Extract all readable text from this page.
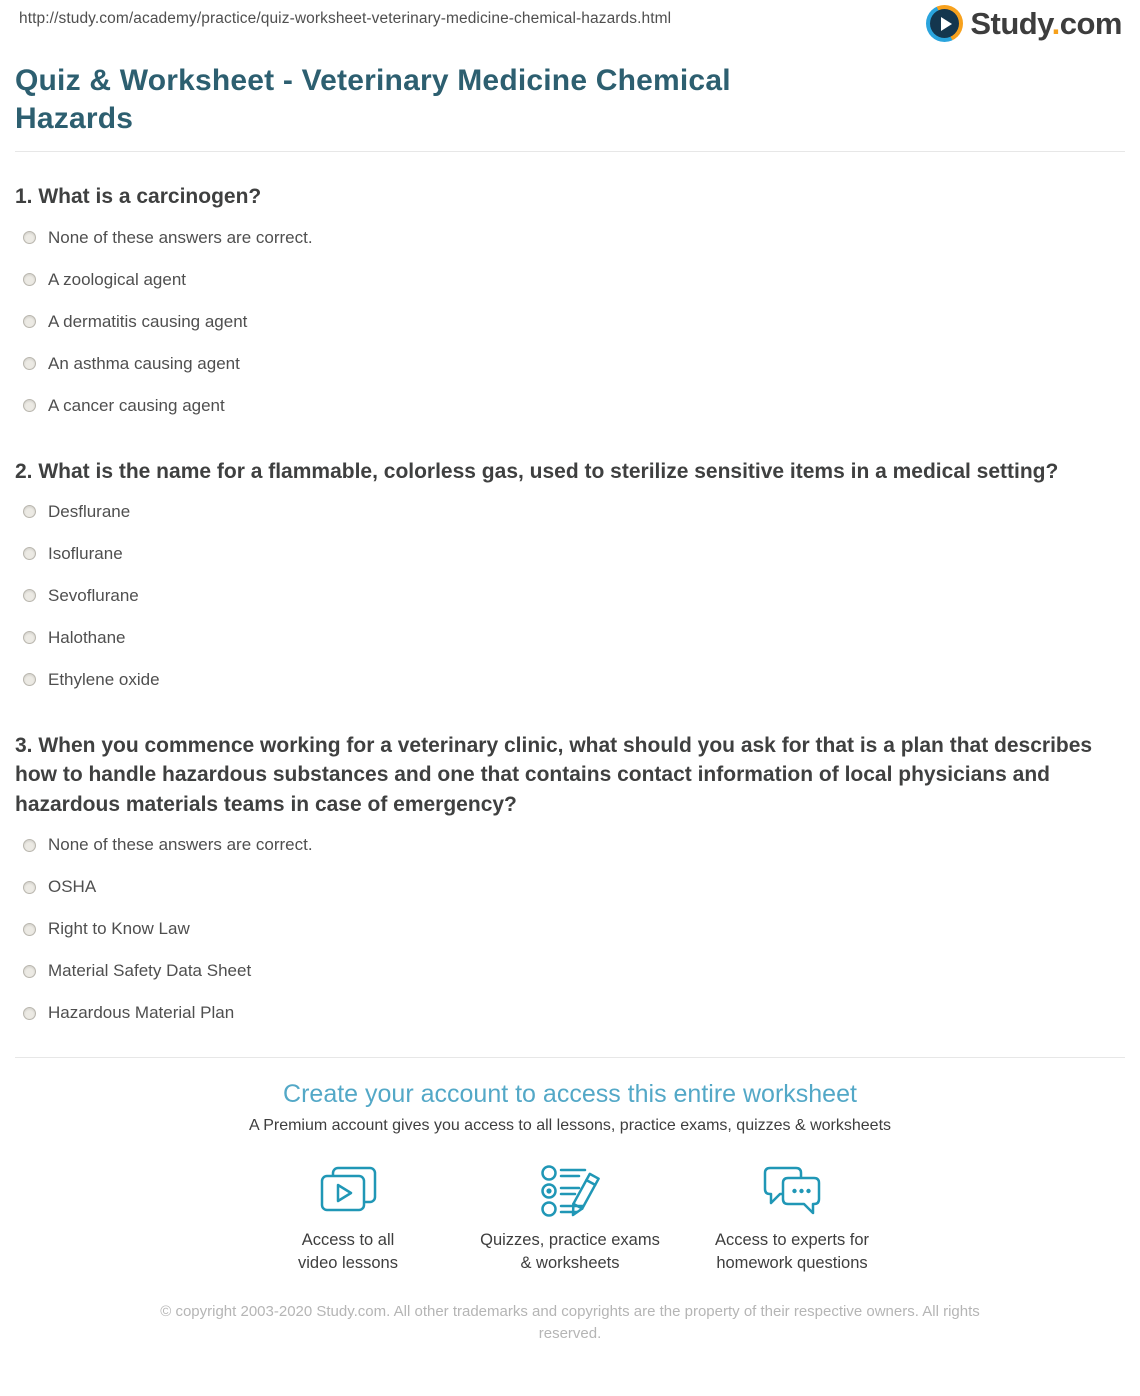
http://study.com/academy/practice/quiz-worksheet-veterinary-medicine-chemical-hazards.html	Study.com
Quiz & Worksheet - Veterinary Medicine Chemical Hazards
1. What is a carcinogen?
None of these answers are correct.
A zoological agent
A dermatitis causing agent
An asthma causing agent
A cancer causing agent
2. What is the name for a flammable, colorless gas, used to sterilize sensitive items in a medical setting?
Desflurane
Isoflurane
Sevoflurane
Halothane
Ethylene oxide
3. When you commence working for a veterinary clinic, what should you ask for that is a plan that describes how to handle hazardous substances and one that contains contact information of local physicians and hazardous materials teams in case of emergency?
None of these answers are correct.
OSHA
Right to Know Law
Material Safety Data Sheet
Hazardous Material Plan
Create your account to access this entire worksheet
A Premium account gives you access to all lessons, practice exams, quizzes & worksheets
Access to all
video lessons
Quizzes, practice exams
& worksheets
Access to experts for
homework questions
© copyright 2003-2020 Study.com. All other trademarks and copyrights are the property of their respective owners. All rights reserved.
